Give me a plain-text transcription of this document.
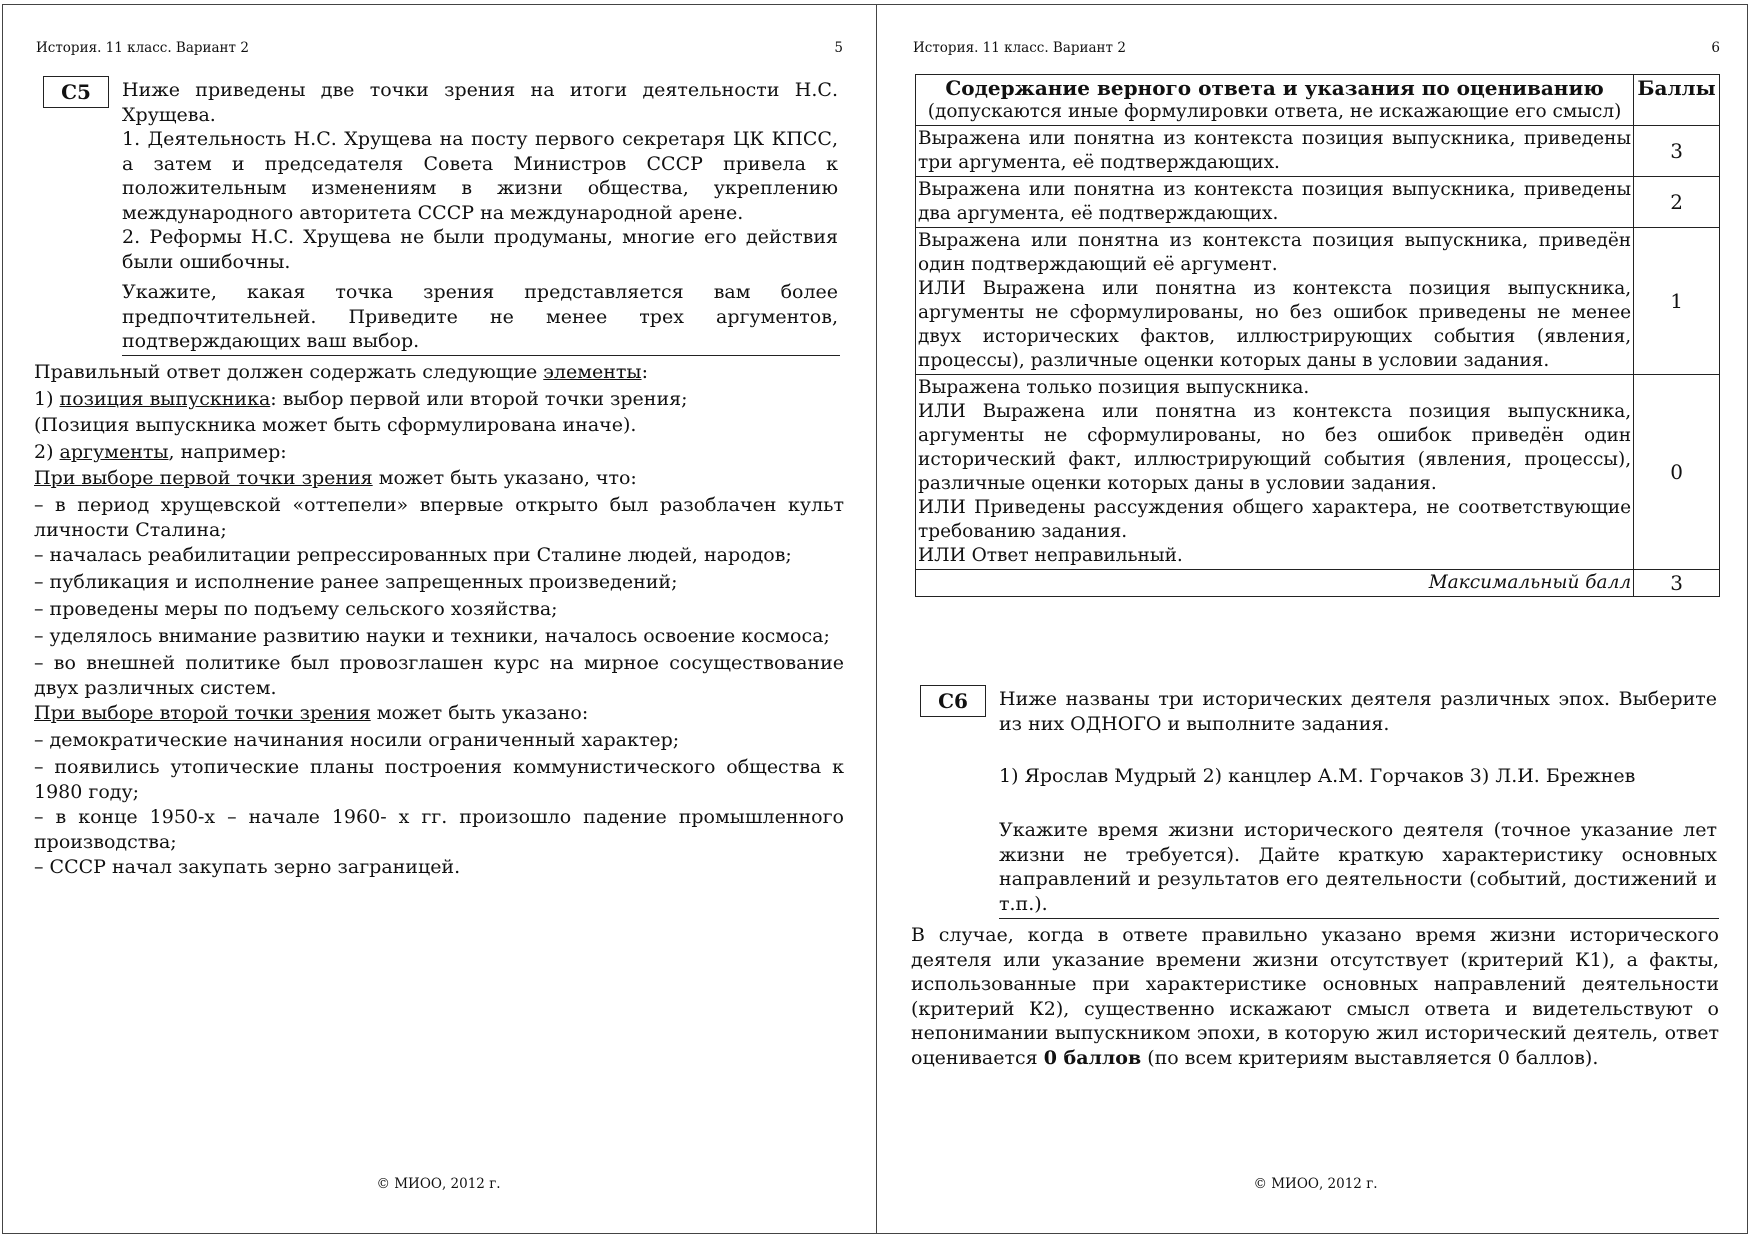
История. 11 класс. Вариант 2	5
С5	Ниже приведены две точки зрения на итоги деятельности Н.С. Хрущева.

1. Деятельность Н.С. Хрущева на посту первого секретаря ЦК КПСС, а затем и председателя Совета Министров СССР привела к положительным изменениям в жизни общества, укреплению международного авторитета СССР на международной арене.

2. Реформы Н.С. Хрущева не были продуманы, многие его действия были ошибочны.

Укажите, какая точка зрения представляется вам более предпочтительней. Приведите не менее трех аргументов, подтверждающих ваш выбор.

Правильный ответ должен содержать следующие элементы:

1) позиция выпускника: выбор первой или второй точки зрения;

(Позиция выпускника может быть сформулирована иначе).

2) аргументы, например:

При выборе первой точки зрения может быть указано, что:

– в период хрущевской «оттепели» впервые открыто был разоблачен культ личности Сталина;

– началась реабилитации репрессированных при Сталине людей, народов;

– публикация и исполнение ранее запрещенных произведений;

– проведены меры по подъему сельского хозяйства;

– уделялось внимание развитию науки и техники, началось освоение космоса;

– во внешней политике был провозглашен курс на мирное сосуществование двух различных систем.

При выборе второй точки зрения может быть указано:

– демократические начинания носили ограниченный характер;

– появились утопические планы построения коммунистического общества к 1980 году;

– в конце 1950-х – начале 1960- х гг. произошло падение промышленного производства;

– СССР начал закупать зерно заграницей.

© МИОО, 2012 г.
История. 11 класс. Вариант 2	6
Содержание верного ответа и указания по оцениванию
(допускаются иные формулировки ответа, не искажающие его смысл)	Баллы

Выражена или понятна из контекста позиция выпускника, приведены три аргумента, её подтверждающих.	3

Выражена или понятна из контекста позиция выпускника, приведены два аргумента, её подтверждающих.	2

Выражена или понятна из контекста позиция выпускника, приведён один подтверждающий её аргумент.
ИЛИ Выражена или понятна из контекста позиция выпускника, аргументы не сформулированы, но без ошибок приведены не менее двух исторических фактов, иллюстрирующих события (явления, процессы), различные оценки которых даны в условии задания.	1

Выражена только позиция выпускника.
ИЛИ Выражена или понятна из контекста позиция выпускника, аргументы не сформулированы, но без ошибок приведён один исторический факт, иллюстрирующий события (явления, процессы), различные оценки которых даны в условии задания.
ИЛИ Приведены рассуждения общего характера, не соответствующие требованию задания.
ИЛИ Ответ неправильный.	0
Максимальный балл	3
С6	Ниже названы три исторических деятеля различных эпох. Выберите из них ОДНОГО и выполните задания.

1) Ярослав Мудрый 2) канцлер А.М. Горчаков 3) Л.И. Брежнев

Укажите время жизни исторического деятеля (точное указание лет жизни не требуется). Дайте краткую характеристику основных направлений и результатов его деятельности (событий, достижений и т.п.).

В случае, когда в ответе правильно указано время жизни исторического деятеля или указание времени жизни отсутствует (критерий К1), а факты, использованные при характеристике основных направлений деятельности (критерий К2), существенно искажают смысл ответа и видетельствуют о непонимании выпускником эпохи, в которую жил исторический деятель, ответ оценивается 0 баллов (по всем критериям выставляется 0 баллов).

© МИОО, 2012 г.
